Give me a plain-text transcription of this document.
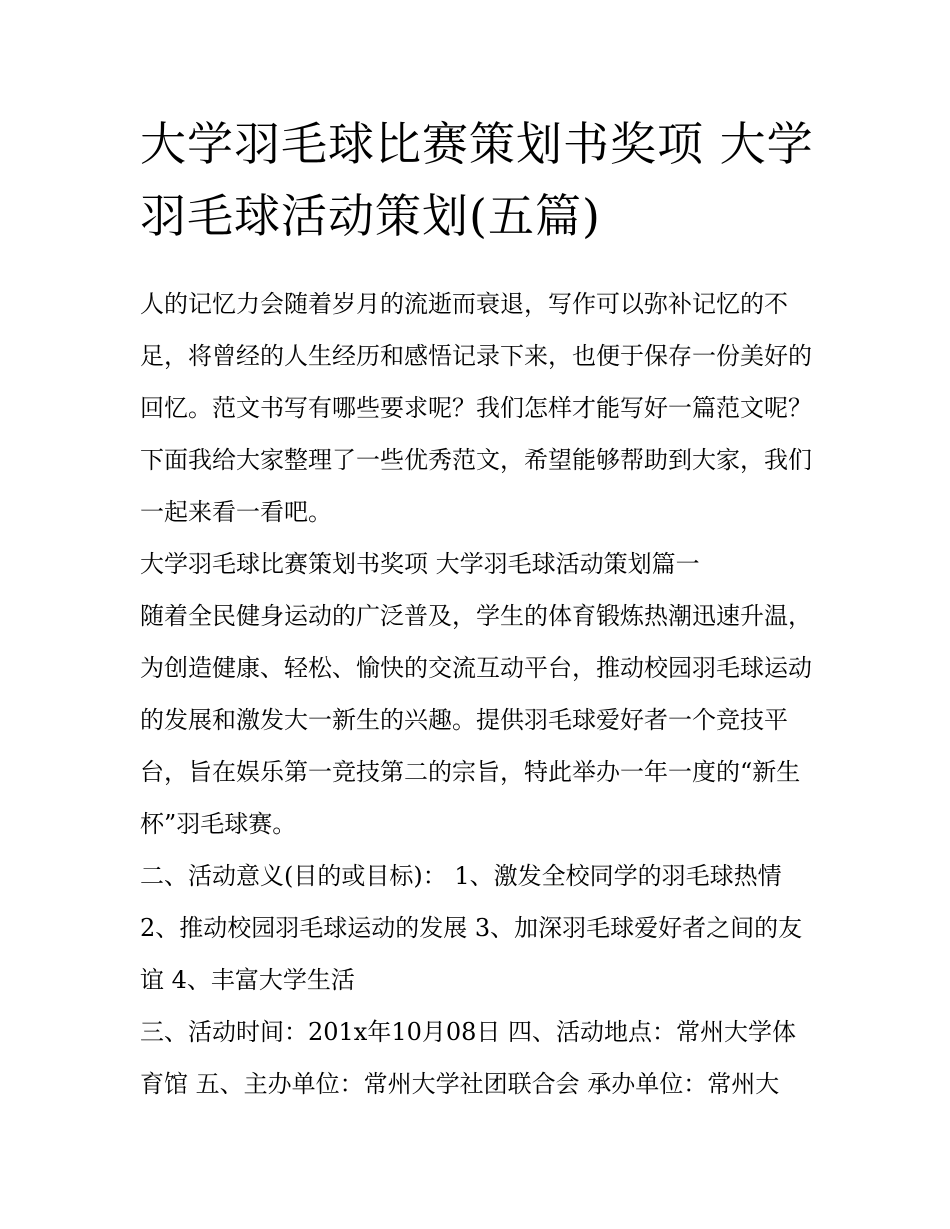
大学羽毛球比赛策划书奖项 大学羽毛球活动策划(五篇)

人的记忆力会随着岁月的流逝而衰退，写作可以弥补记忆的不足，将曾经的人生经历和感悟记录下来，也便于保存一份美好的回忆。范文书写有哪些要求呢？我们怎样才能写好一篇范文呢？下面我给大家整理了一些优秀范文，希望能够帮助到大家，我们一起来看一看吧。

大学羽毛球比赛策划书奖项 大学羽毛球活动策划篇一

随着全民健身运动的广泛普及，学生的体育锻炼热潮迅速升温，为创造健康、轻松、愉快的交流互动平台，推动校园羽毛球运动的发展和激发大一新生的兴趣。提供羽毛球爱好者一个竞技平台，旨在娱乐第一竞技第二的宗旨，特此举办一年一度的“新生杯”羽毛球赛。

二、活动意义(目的或目标)： 1、激发全校同学的羽毛球热情 2、推动校园羽毛球运动的发展 3、加深羽毛球爱好者之间的友谊 4、丰富大学生活

三、活动时间：201x年10月08日 四、活动地点：常州大学体育馆 五、主办单位：常州大学社团联合会 承办单位：常州大
